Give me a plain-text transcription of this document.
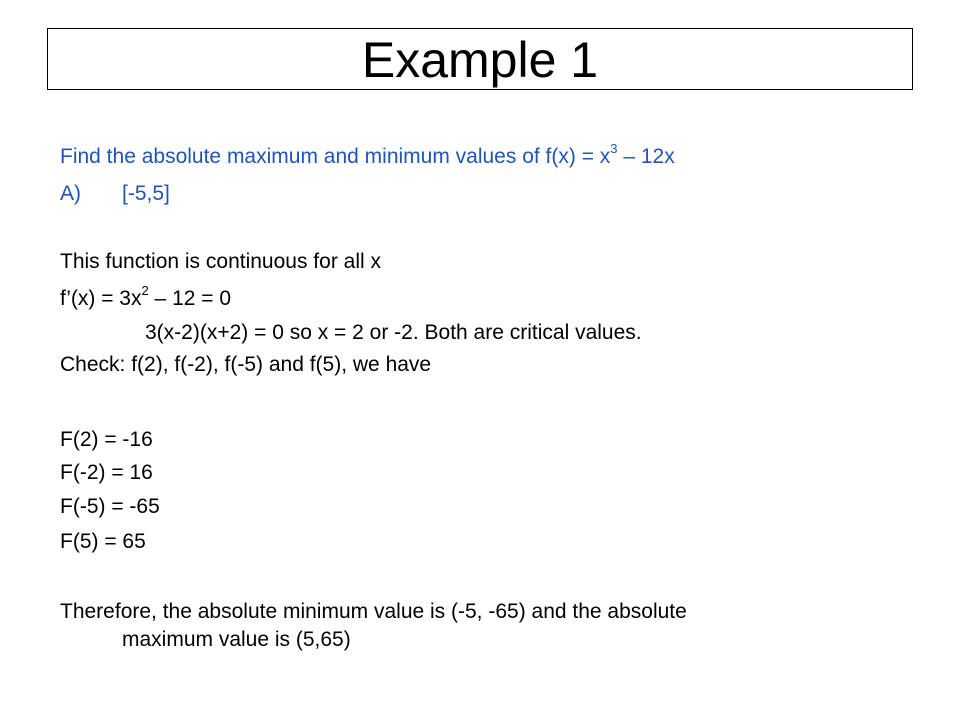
Example 1
Find the absolute maximum and minimum values of $f(x) = x^3 - 12x$
A) [-5,5]
This function is continuous for all x
f’(x) = $3x^2 - 12 = 0$
3(x-2)(x+2) = 0 so x = 2 or -2. Both are critical values.
Check: f(2), f(-2), f(-5) and f(5), we have
F(2) = -16
F(-2) = 16
F(-5) = -65
F(5) = 65
Therefore, the absolute minimum value is (-5, -65) and the absolute
maximum value is (5,65)
